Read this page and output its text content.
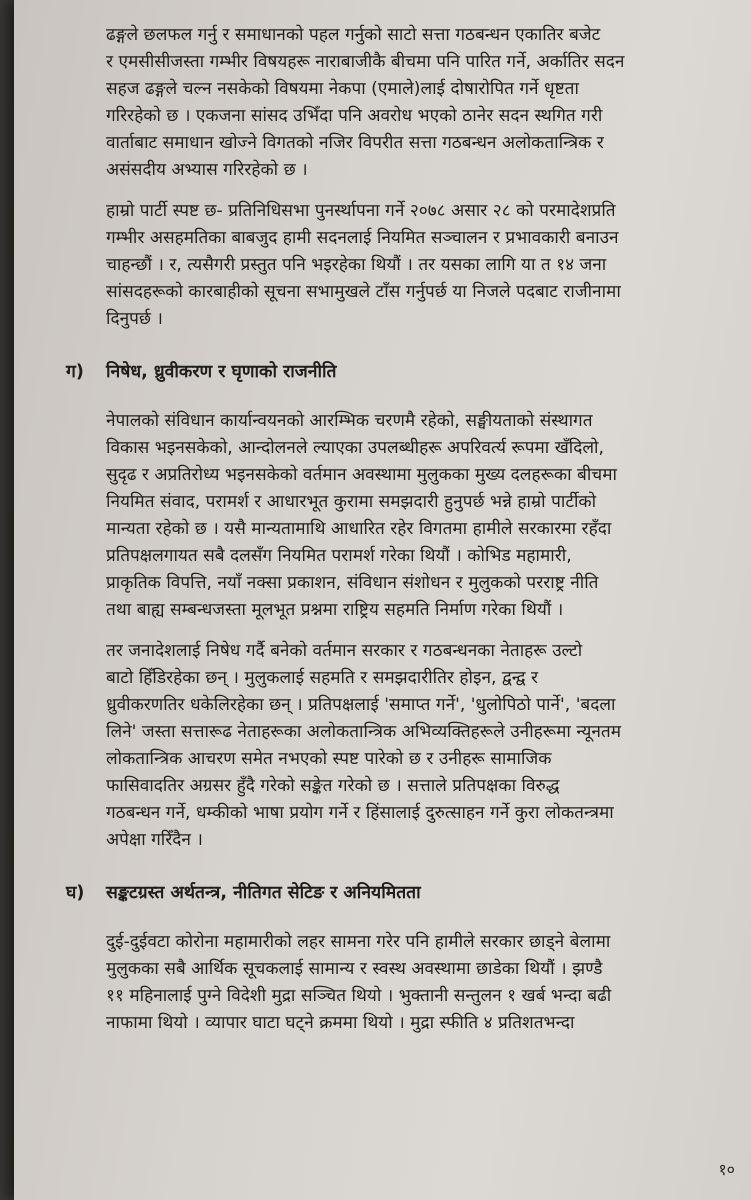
ढङ्गले छलफल गर्नु र समाधानको पहल गर्नुको साटो सत्ता गठबन्धन एकातिर बजेट
र एमसीसीजस्ता गम्भीर विषयहरू नाराबाजीकै बीचमा पनि पारित गर्ने, अर्कातिर सदन
सहज ढङ्गले चल्न नसकेको विषयमा नेकपा (एमाले)लाई दोषारोपित गर्ने धृष्टता
गरिरहेको छ । एकजना सांसद उभिँदा पनि अवरोध भएको ठानेर सदन स्थगित गरी
वार्ताबाट समाधान खोज्ने विगतको नजिर विपरीत सत्ता गठबन्धन अलोकतान्त्रिक र
असंसदीय अभ्यास गरिरहेको छ ।
हाम्रो पार्टी स्पष्ट छ- प्रतिनिधिसभा पुनर्स्थापना गर्ने २०७८ असार २८ को परमादेशप्रति
गम्भीर असहमतिका बाबजुद हामी सदनलाई नियमित सञ्चालन र प्रभावकारी बनाउन
चाहन्छौं । र, त्यसैगरी प्रस्तुत पनि भइरहेका थियौं । तर यसका लागि या त १४ जना
सांसदहरूको कारबाहीको सूचना सभामुखले टाँस गर्नुपर्छ या निजले पदबाट राजीनामा
दिनुपर्छ ।
ग) निषेध, ध्रुवीकरण र घृणाको राजनीति
नेपालको संविधान कार्यान्वयनको आरम्भिक चरणमै रहेको, सङ्घीयताको संस्थागत
विकास भइनसकेको, आन्दोलनले ल्याएका उपलब्धीहरू अपरिवर्त्य रूपमा खँदिलो,
सुदृढ र अप्रतिरोध्य भइनसकेको वर्तमान अवस्थामा मुलुकका मुख्य दलहरूका बीचमा
नियमित संवाद, परामर्श र आधारभूत कुरामा समझदारी हुनुपर्छ भन्ने हाम्रो पार्टीको
मान्यता रहेको छ । यसै मान्यतामाथि आधारित रहेर विगतमा हामीले सरकारमा रहँदा
प्रतिपक्षलगायत सबै दलसँग नियमित परामर्श गरेका थियौं । कोभिड महामारी,
प्राकृतिक विपत्ति, नयाँ नक्सा प्रकाशन, संविधान संशोधन र मुलुकको परराष्ट्र नीति
तथा बाह्य सम्बन्धजस्ता मूलभूत प्रश्नमा राष्ट्रिय सहमति निर्माण गरेका थियौं ।
तर जनादेशलाई निषेध गर्दै बनेको वर्तमान सरकार र गठबन्धनका नेताहरू उल्टो
बाटो हिँडिरहेका छन् । मुलुकलाई सहमति र समझदारीतिर होइन, द्वन्द्व र
ध्रुवीकरणतिर धकेलिरहेका छन् । प्रतिपक्षलाई 'समाप्त गर्ने', 'धुलोपिठो पार्ने', 'बदला
लिने' जस्ता सत्तारूढ नेताहरूका अलोकतान्त्रिक अभिव्यक्तिहरूले उनीहरूमा न्यूनतम
लोकतान्त्रिक आचरण समेत नभएको स्पष्ट पारेको छ र उनीहरू सामाजिक
फासिवादतिर अग्रसर हुँदै गरेको सङ्केत गरेको छ । सत्ताले प्रतिपक्षका विरुद्ध
गठबन्धन गर्ने, धम्कीको भाषा प्रयोग गर्ने र हिंसालाई दुरुत्साहन गर्ने कुरा लोकतन्त्रमा
अपेक्षा गरिँदैन ।
घ) सङ्कटग्रस्त अर्थतन्त्र, नीतिगत सेटिङ र अनियमितता
दुई-दुईवटा कोरोना महामारीको लहर सामना गरेर पनि हामीले सरकार छाड्ने बेलामा
मुलुकका सबै आर्थिक सूचकलाई सामान्य र स्वस्थ अवस्थामा छाडेका थियौं । झण्डै
११ महिनालाई पुग्ने विदेशी मुद्रा सञ्चित थियो । भुक्तानी सन्तुलन १ खर्ब भन्दा बढी
नाफामा थियो । व्यापार घाटा घट्ने क्रममा थियो । मुद्रा स्फीति ४ प्रतिशतभन्दा
१०
